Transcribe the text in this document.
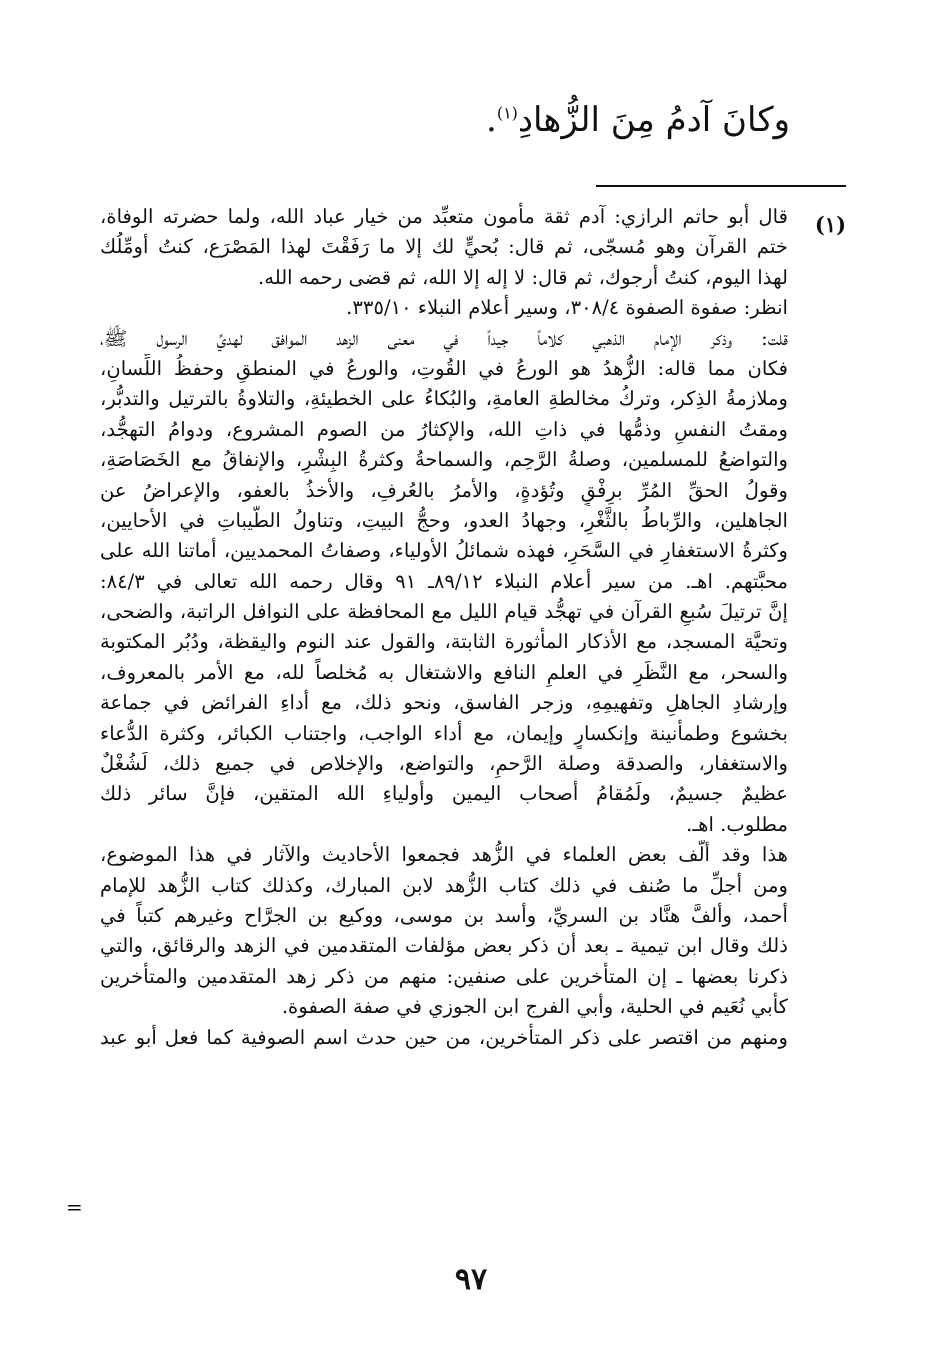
وكانَ آدمُ مِنَ الزُّهادِ$^{(١)}$.
(١)
قال أبو حاتم الرازي: آدم ثقة مأمون متعبِّد من خيار عباد الله، ولما حضرته الوفاة،
ختم القرآن وهو مُسجّى، ثم قال: بُحيٍّ لك إلا ما رَفَقْتَ لهذا المَصْرَع، كنتُ أومِّلُك
لهذا اليوم، كنتُ أرجوك، ثم قال: لا إله إلا الله، ثم قضى رحمه الله.
انظر: صفوة الصفوة ٣٠٨/٤، وسير أعلام النبلاء ٣٣٥/١٠.
قلت: وذكر الإمام الذهبي كلاماً جيداً في معنى الزهد الموافق لهديِّ الرسول ﷺ،
فكان مما قاله: الزُّهدُ هو الورعُ في القُوتِ، والورعُ في المنطقِ وحفظُ اللِّسانِ،
وملازمةُ الذِكر، وتركُ مخالطةِ العامةِ، والبُكاءُ على الخطيئةِ، والتلاوةُ بالترتيل والتدبُّر،
ومقتُ النفسِ وذمُّها في ذاتِ الله، والإكثارُ من الصوم المشروع، ودوامُ التهجُّد،
والتواضعُ للمسلمين، وصلةُ الرَّحِم، والسماحةُ وكثرةُ البِشْرِ، والإنفاقُ مع الخَصَاصَةِ،
وقولُ الحقِّ المُرِّ برِفْقٍ وتُؤدةٍ، والأمرُ بالعُرفِ، والأخذُ بالعفو، والإعراضُ عن
الجاهلين، والرِّباطُ بالثَّغْرِ، وجهادُ العدو، وحجُّ البيتِ، وتناولُ الطَّيباتِ في الأحايين،
وكثرةُ الاستغفارِ في السَّحَرِ، فهذه شمائلُ الأولياء، وصفاتُ المحمديين، أماتنا الله على
محبَّتهم. اهـ. من سير أعلام النبلاء ٨٩/١٢ـ ٩١ وقال رحمه الله تعالى في ٨٤/٣:
إنَّ ترتيلَ سُبعِ القرآن في تهجُّد قيام الليل مع المحافظة على النوافل الراتبة، والضحى،
وتحيَّة المسجد، مع الأذكار المأثورة الثابتة، والقول عند النوم واليقظة، ودُبُر المكتوبة
والسحر، مع النَّظَرِ في العلمِ النافع والاشتغال به مُخلصاً لله، مع الأمر بالمعروف،
وإرشادِ الجاهلِ وتفهيمِهِ، وزجر الفاسق، ونحو ذلك، مع أداءِ الفرائض في جماعة
بخشوع وطمأنينة وإنكسارٍ وإيمان، مع أداء الواجب، واجتناب الكبائر، وكثرة الدُّعاء
والاستغفار، والصدقة وصلة الرَّحمِ، والتواضع، والإخلاص في جميع ذلك، لَشُغْلٌ
عظيمٌ جسيمٌ، ولَمُقامُ أصحاب اليمين وأولياءِ الله المتقين، فإنَّ سائر ذلك
مطلوب. اهـ.
هذا وقد ألَّف بعض العلماء في الزُّهد فجمعوا الأحاديث والآثار في هذا الموضوع،
ومن أجلِّ ما صُنف في ذلك كتاب الزُّهد لابن المبارك، وكذلك كتاب الزُّهد للإمام
أحمد، وألفَّ هنَّاد بن السريِّ، وأسد بن موسى، ووكيع بن الجرَّاح وغيرهم كتباً في
ذلك وقال ابن تيمية ـ بعد أن ذكر بعض مؤلفات المتقدمين في الزهد والرقائق، والتي
ذكرنا بعضها ـ إن المتأخرين على صنفين: منهم من ذكر زهد المتقدمين والمتأخرين
كأبي نُعَيم في الحلية، وأبي الفرج ابن الجوزي في صفة الصفوة.
ومنهم من اقتصر على ذكر المتأخرين، من حين حدث اسم الصوفية كما فعل أبو عبد
=
٩٧
